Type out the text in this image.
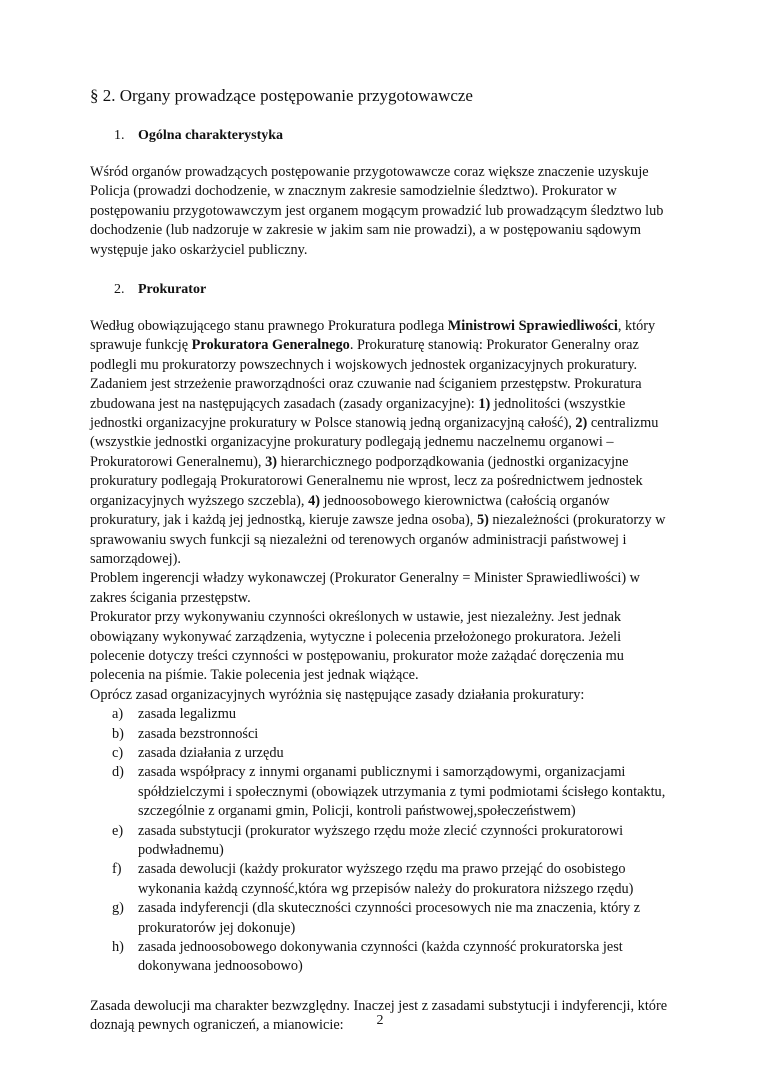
§ 2. Organy prowadzące postępowanie przygotowawcze
1. Ogólna charakterystyka

Wśród organów prowadzących postępowanie przygotowawcze coraz większe znaczenie uzyskuje Policja (prowadzi dochodzenie, w znacznym zakresie samodzielnie śledztwo). Prokurator w postępowaniu przygotowawczym jest organem mogącym prowadzić lub prowadzącym śledztwo lub dochodzenie (lub nadzoruje w zakresie w jakim sam nie prowadzi), a w postępowaniu sądowym występuje jako oskarżyciel publiczny.

2. Prokurator

Według obowiązującego stanu prawnego Prokuratura podlega Ministrowi Sprawiedliwości, który sprawuje funkcję Prokuratora Generalnego. Prokuraturę stanowią: Prokurator Generalny oraz podlegli mu prokuratorzy powszechnych i wojskowych jednostek organizacyjnych prokuratury. Zadaniem jest strzeżenie praworządności oraz czuwanie nad ściganiem przestępstw. Prokuratura zbudowana jest na następujących zasadach (zasady organizacyjne): 1) jednolitości (wszystkie jednostki organizacyjne prokuratury w Polsce stanowią jedną organizacyjną całość), 2) centralizmu (wszystkie jednostki organizacyjne prokuratury podlegają jednemu naczelnemu organowi – Prokuratorowi Generalnemu), 3) hierarchicznego podporządkowania (jednostki organizacyjne prokuratury podlegają Prokuratorowi Generalnemu nie wprost, lecz za pośrednictwem jednostek organizacyjnych wyższego szczebla), 4) jednoosobowego kierownictwa (całością organów prokuratury, jak i każdą jej jednostką, kieruje zawsze jedna osoba), 5) niezależności (prokuratorzy w sprawowaniu swych funkcji są niezależni od terenowych organów administracji państwowej i samorządowej).

Problem ingerencji władzy wykonawczej (Prokurator Generalny = Minister Sprawiedliwości) w zakres ścigania przestępstw.

Prokurator przy wykonywaniu czynności określonych w ustawie, jest niezależny. Jest jednak obowiązany wykonywać zarządzenia, wytyczne i polecenia przełożonego prokuratora. Jeżeli polecenie dotyczy treści czynności w postępowaniu, prokurator może zażądać doręczenia mu polecenia na piśmie. Takie polecenia jest jednak wiążące.

Oprócz zasad organizacyjnych wyróżnia się następujące zasady działania prokuratury:

a) zasada legalizmu
b) zasada bezstronności
c) zasada działania z urzędu
d) zasada współpracy z innymi organami publicznymi i samorządowymi, organizacjami spółdzielczymi i społecznymi (obowiązek utrzymania z tymi podmiotami ścisłego kontaktu, szczególnie z organami gmin, Policji, kontroli państwowej,społeczeństwem)
e) zasada substytucji (prokurator wyższego rzędu może zlecić czynności prokuratorowi podwładnemu)
f) zasada dewolucji (każdy prokurator wyższego rzędu ma prawo przejąć do osobistego wykonania każdą czynność,która wg przepisów należy do prokuratora niższego rzędu)
g) zasada indyferencji (dla skuteczności czynności procesowych nie ma znaczenia, który z prokuratorów jej dokonuje)
h) zasada jednoosobowego dokonywania czynności (każda czynność prokuratorska jest dokonywana jednoosobowo)

Zasada dewolucji ma charakter bezwzględny. Inaczej jest z zasadami substytucji i indyferencji, które doznają pewnych ograniczeń, a mianowicie:	2
